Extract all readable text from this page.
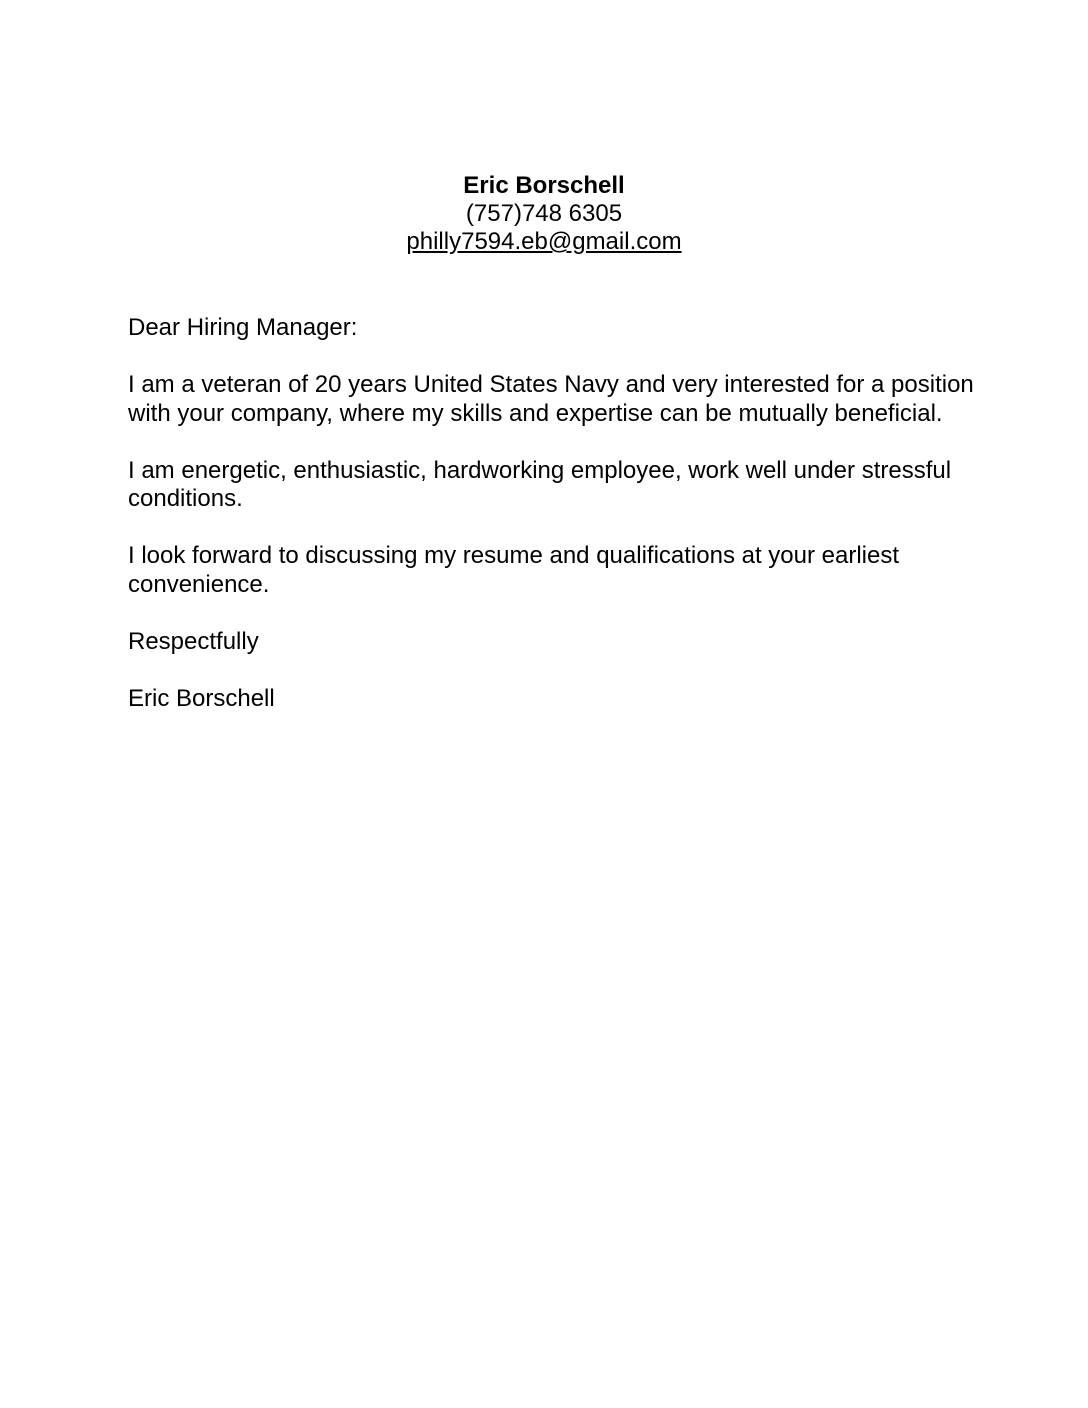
Eric Borschell
(757)748 6305
philly7594.eb@gmail.com

Dear Hiring Manager:

I am a veteran of 20 years United States Navy and very interested for a position with your company, where my skills and expertise can be mutually beneficial.

I am energetic, enthusiastic, hardworking employee, work well under stressful conditions.

I look forward to discussing my resume and qualifications at your earliest convenience.

Respectfully

Eric Borschell
